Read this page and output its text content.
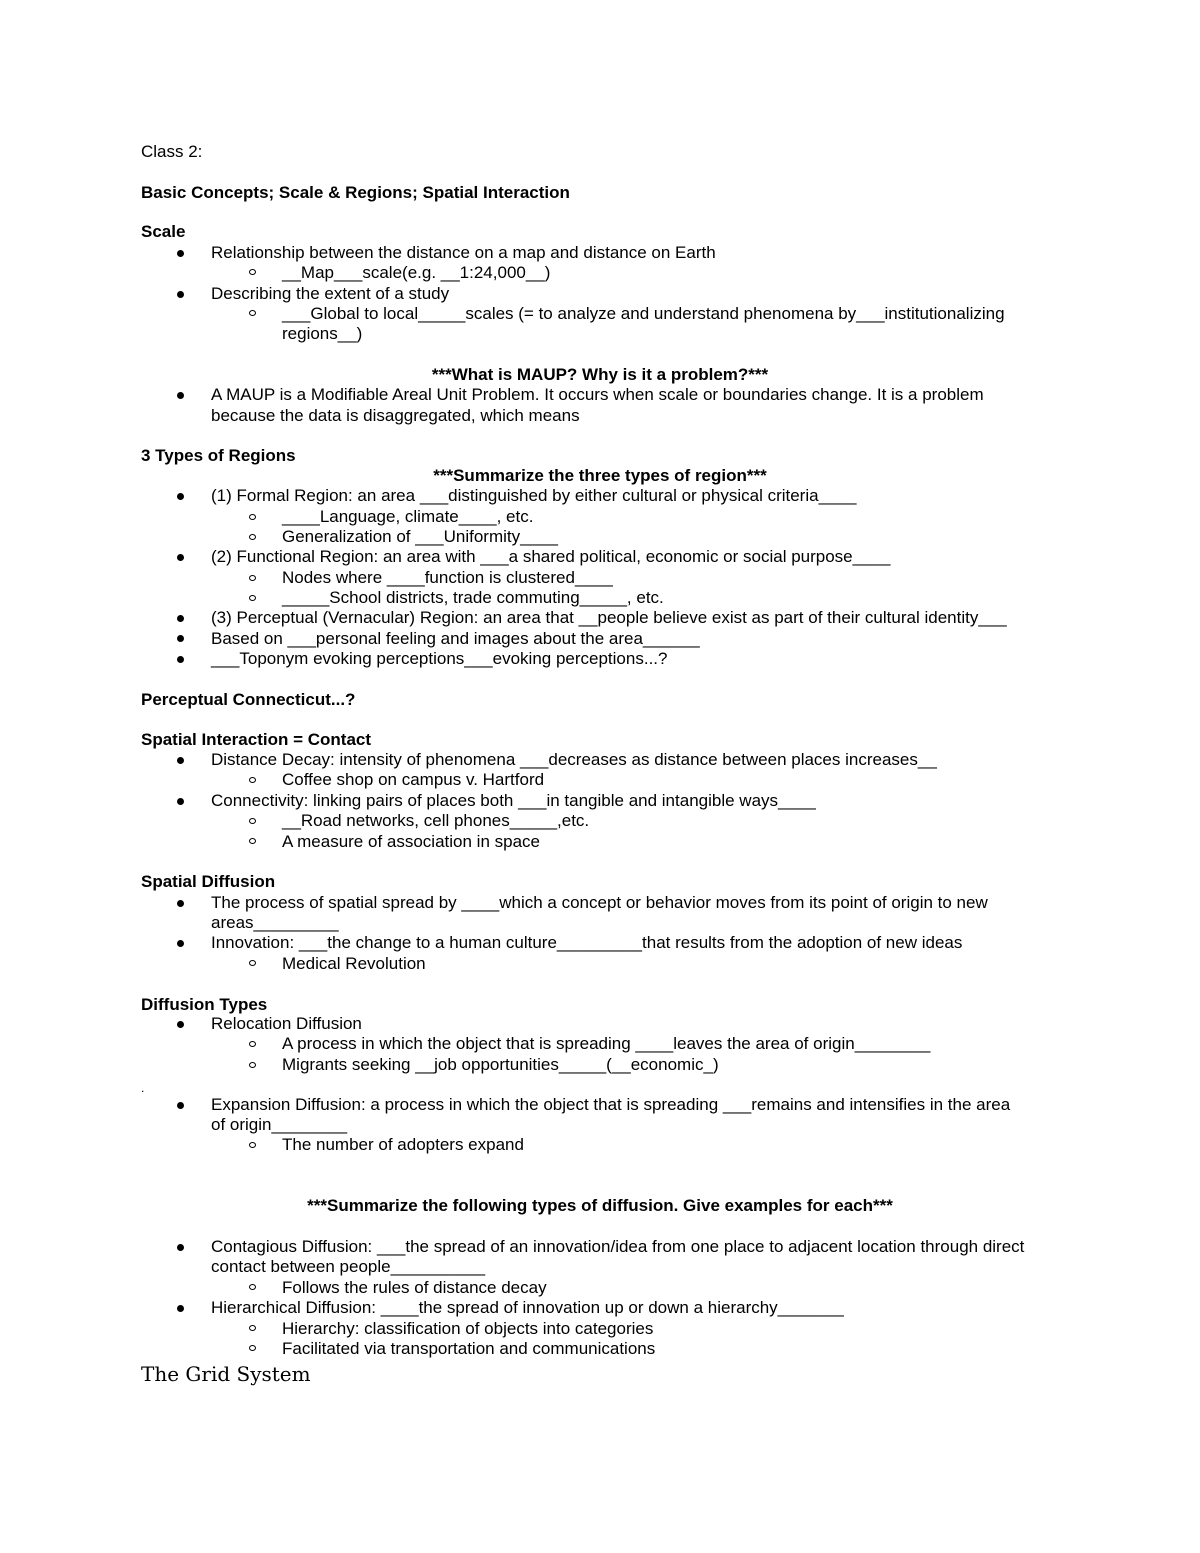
Class 2:
Basic Concepts; Scale & Regions; Spatial Interaction
Scale
Relationship between the distance on a map and distance on Earth
__Map___scale(e.g. __1:24,000__)
Describing the extent of a study
___Global to local_____scales (= to analyze and understand phenomena by___institutionalizing
regions__)
***What is MAUP? Why is it a problem?***
A MAUP is a Modifiable Areal Unit Problem. It occurs when scale or boundaries change. It is a problem
because the data is disaggregated, which means
3 Types of Regions
***Summarize the three types of region***
(1) Formal Region: an area ___distinguished by either cultural or physical criteria____
____Language, climate____, etc.
Generalization of ___Uniformity____
(2) Functional Region: an area with ___a shared political, economic or social purpose____
Nodes where ____function is clustered____
_____School districts, trade commuting_____, etc.
(3) Perceptual (Vernacular) Region: an area that __people believe exist as part of their cultural identity___
Based on ___personal feeling and images about the area______
___Toponym evoking perceptions___evoking perceptions...?
Perceptual Connecticut...?
Spatial Interaction = Contact
Distance Decay: intensity of phenomena ___decreases as distance between places increases__
Coffee shop on campus v. Hartford
Connectivity: linking pairs of places both ___in tangible and intangible ways____
__Road networks, cell phones_____,etc.
A measure of association in space
Spatial Diffusion
The process of spatial spread by ____which a concept or behavior moves from its point of origin to new
areas_________
Innovation: ___the change to a human culture_________that results from the adoption of new ideas
Medical Revolution
Diffusion Types
Relocation Diffusion
A process in which the object that is spreading ____leaves the area of origin________
Migrants seeking __job opportunities_____(__economic_)
.
Expansion Diffusion: a process in which the object that is spreading ___remains and intensifies in the area
of origin________
The number of adopters expand
***Summarize the following types of diffusion. Give examples for each***
Contagious Diffusion: ___the spread of an innovation/idea from one place to adjacent location through direct
contact between people__________
Follows the rules of distance decay
Hierarchical Diffusion: ____the spread of innovation up or down a hierarchy_______
Hierarchy: classification of objects into categories
Facilitated via transportation and communications
The Grid System
